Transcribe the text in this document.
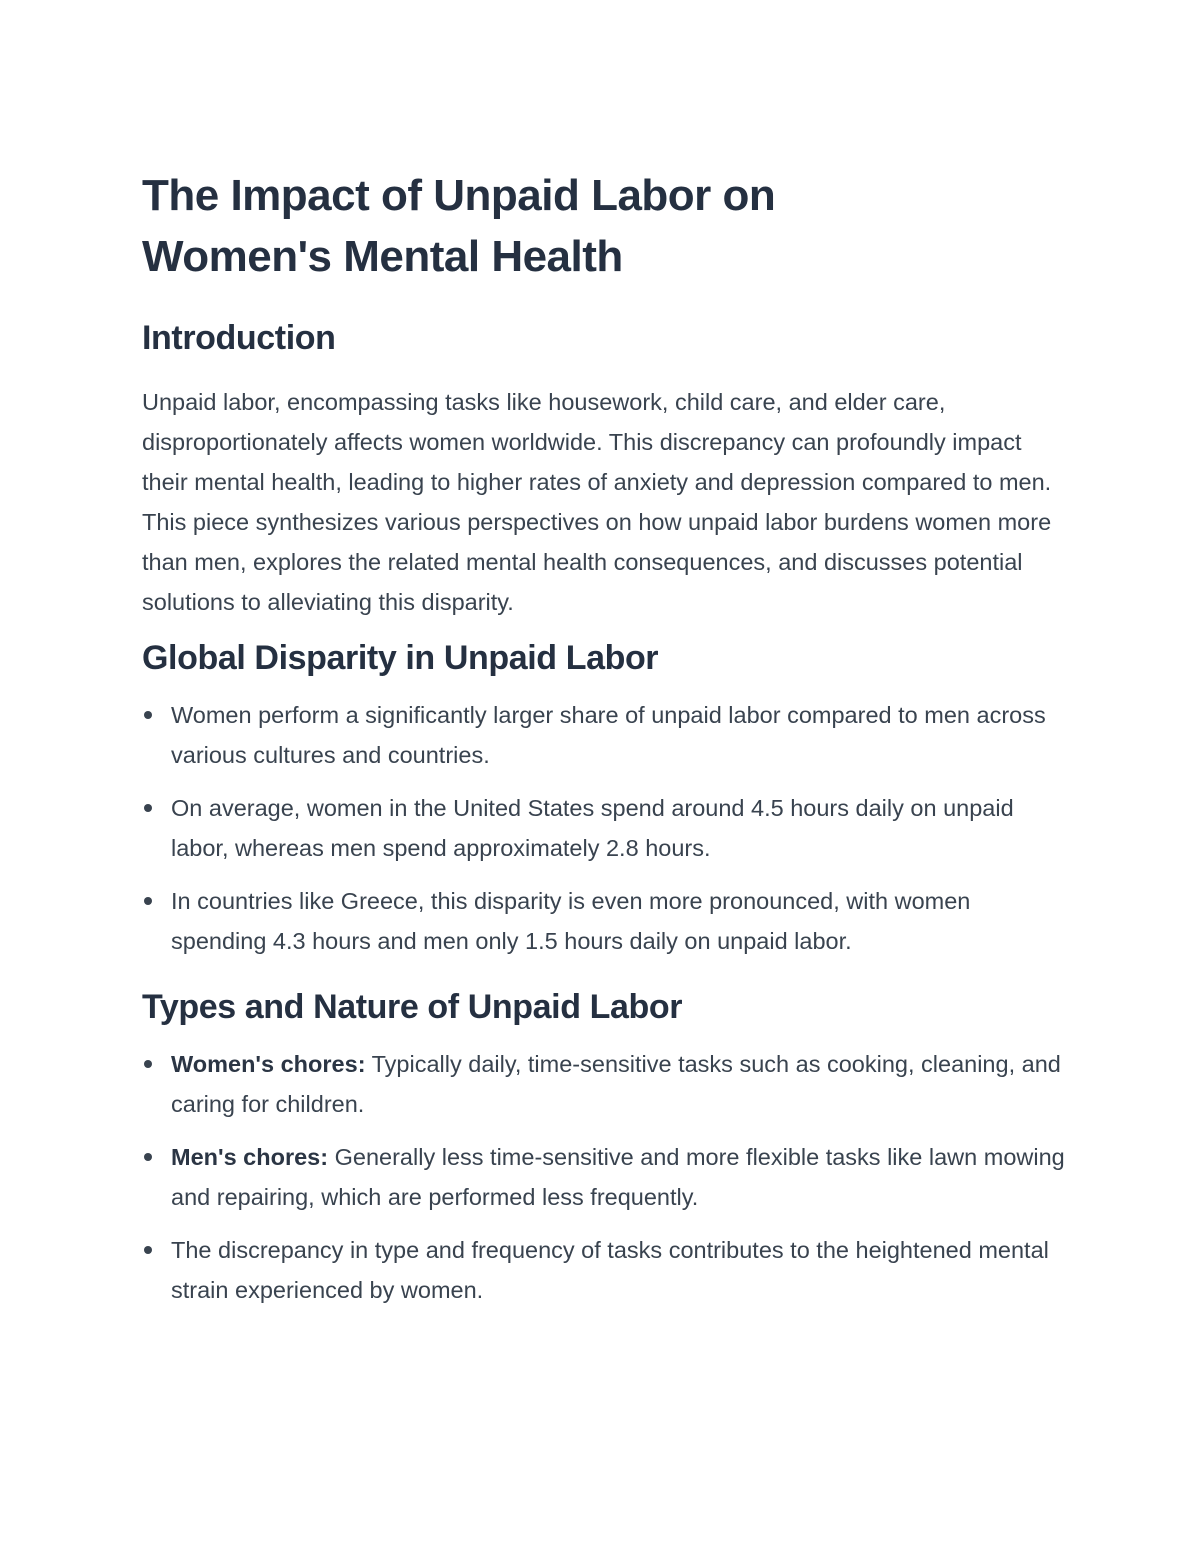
The Impact of Unpaid Labor on
Women's Mental Health
Introduction

Unpaid labor, encompassing tasks like housework, child care, and elder care, disproportionately affects women worldwide. This discrepancy can profoundly impact their mental health, leading to higher rates of anxiety and depression compared to men. This piece synthesizes various perspectives on how unpaid labor burdens women more than men, explores the related mental health consequences, and discusses potential solutions to alleviating this disparity.

Global Disparity in Unpaid Labor
Women perform a significantly larger share of unpaid labor compared to men across various cultures and countries.
On average, women in the United States spend around 4.5 hours daily on unpaid labor, whereas men spend approximately 2.8 hours.
In countries like Greece, this disparity is even more pronounced, with women spending 4.3 hours and men only 1.5 hours daily on unpaid labor.
Types and Nature of Unpaid Labor
Women's chores: Typically daily, time-sensitive tasks such as cooking, cleaning, and caring for children.
Men's chores: Generally less time-sensitive and more flexible tasks like lawn mowing and repairing, which are performed less frequently.
The discrepancy in type and frequency of tasks contributes to the heightened mental strain experienced by women.
